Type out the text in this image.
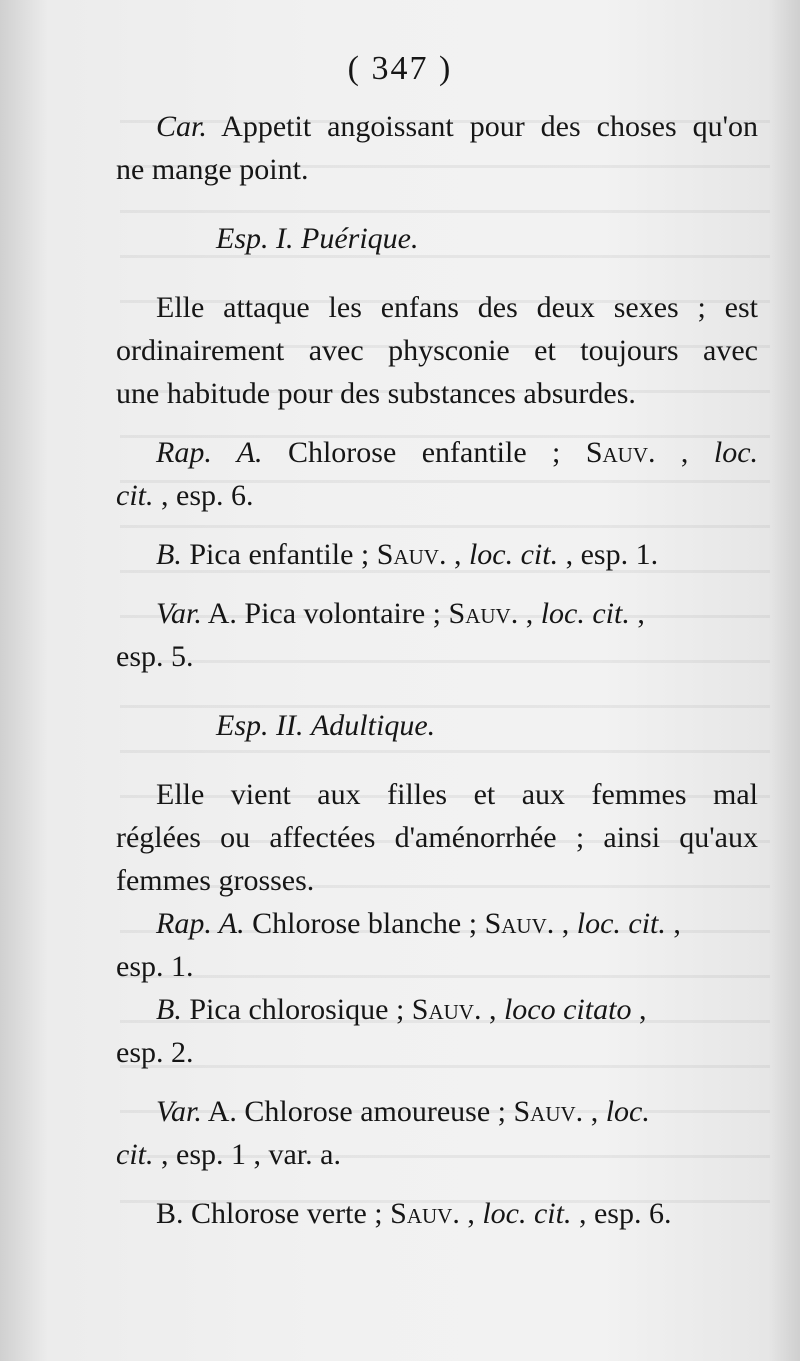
( 347 )

Car. Appetit angoissant pour des choses qu'on

ne mange point.

Esp. I. Puérique.

Elle attaque les enfans des deux sexes ; est

ordinairement avec physconie et toujours avec

une habitude pour des substances absurdes.

Rap. A. Chlorose enfantile ; Sauv. , loc.

cit. , esp. 6.

B. Pica enfantile ; Sauv. , loc. cit. , esp. 1.

Var. A. Pica volontaire ; Sauv. , loc. cit. ,

esp. 5.

Esp. II. Adultique.

Elle vient aux filles et aux femmes mal

réglées ou affectées d'aménorrhée ; ainsi qu'aux

femmes grosses.

Rap. A. Chlorose blanche ; Sauv. , loc. cit. ,

esp. 1.

B. Pica chlorosique ; Sauv. , loco citato ,

esp. 2.

Var. A. Chlorose amoureuse ; Sauv. , loc.

cit. , esp. 1 , var. a.

B. Chlorose verte ; Sauv. , loc. cit. , esp. 6.
